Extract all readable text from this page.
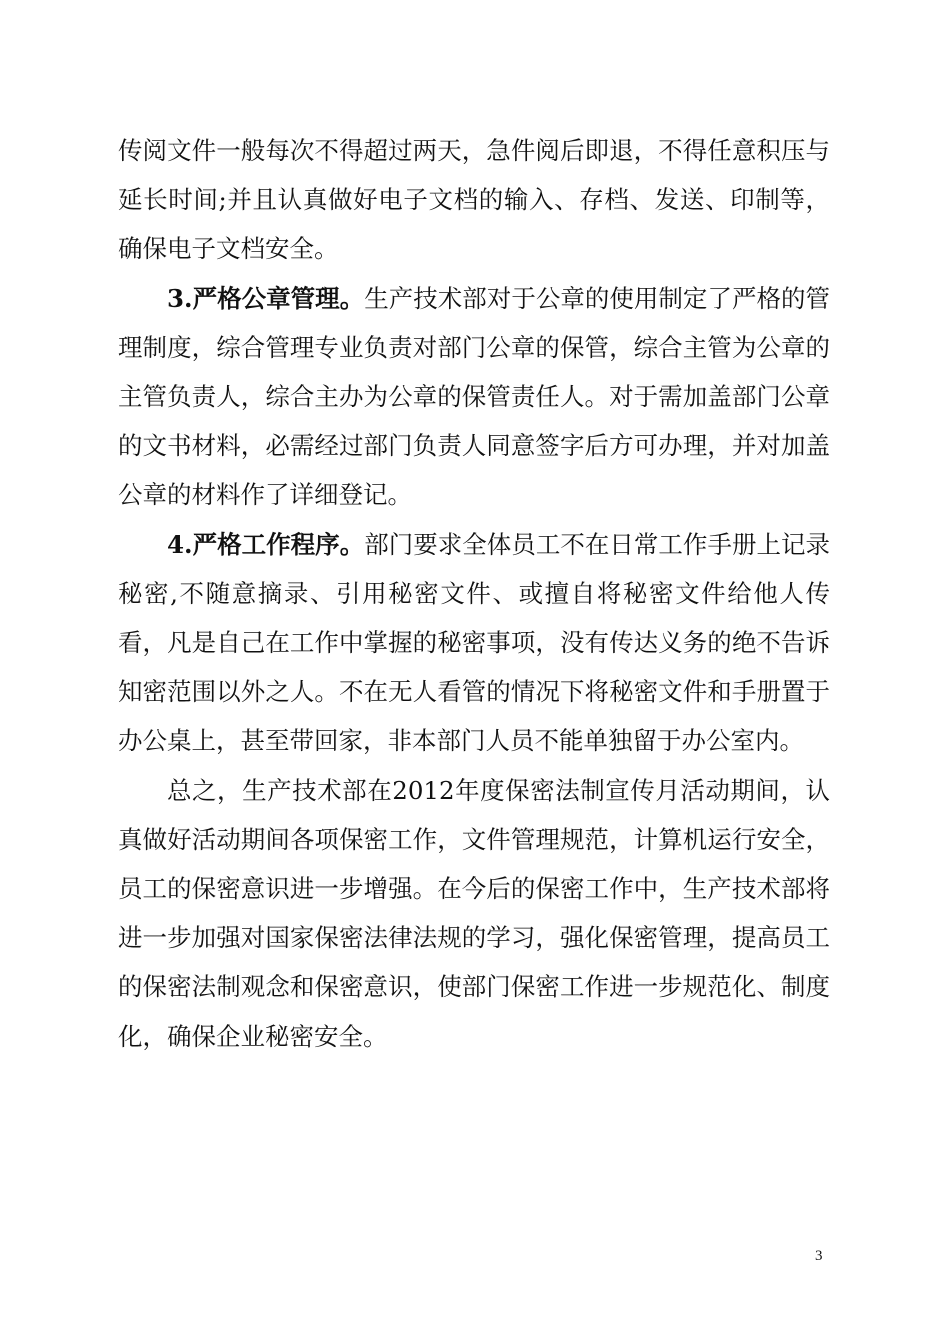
传阅文件一般每次不得超过两天，急件阅后即退，不得任意积压与延长时间;并且认真做好电子文档的输入、存档、发送、印制等，确保电子文档安全。

3.严格公章管理。生产技术部对于公章的使用制定了严格的管理制度，综合管理专业负责对部门公章的保管，综合主管为公章的主管负责人，综合主办为公章的保管责任人。对于需加盖部门公章的文书材料，必需经过部门负责人同意签字后方可办理，并对加盖公章的材料作了详细登记。

4.严格工作程序。部门要求全体员工不在日常工作手册上记录秘密,不随意摘录、引用秘密文件、或擅自将秘密文件给他人传看，凡是自己在工作中掌握的秘密事项，没有传达义务的绝不告诉知密范围以外之人。不在无人看管的情况下将秘密文件和手册置于办公桌上，甚至带回家，非本部门人员不能单独留于办公室内。

总之，生产技术部在2012年度保密法制宣传月活动期间，认真做好活动期间各项保密工作，文件管理规范，计算机运行安全，员工的保密意识进一步增强。在今后的保密工作中，生产技术部将进一步加强对国家保密法律法规的学习，强化保密管理，提高员工的保密法制观念和保密意识，使部门保密工作进一步规范化、制度化，确保企业秘密安全。

3
